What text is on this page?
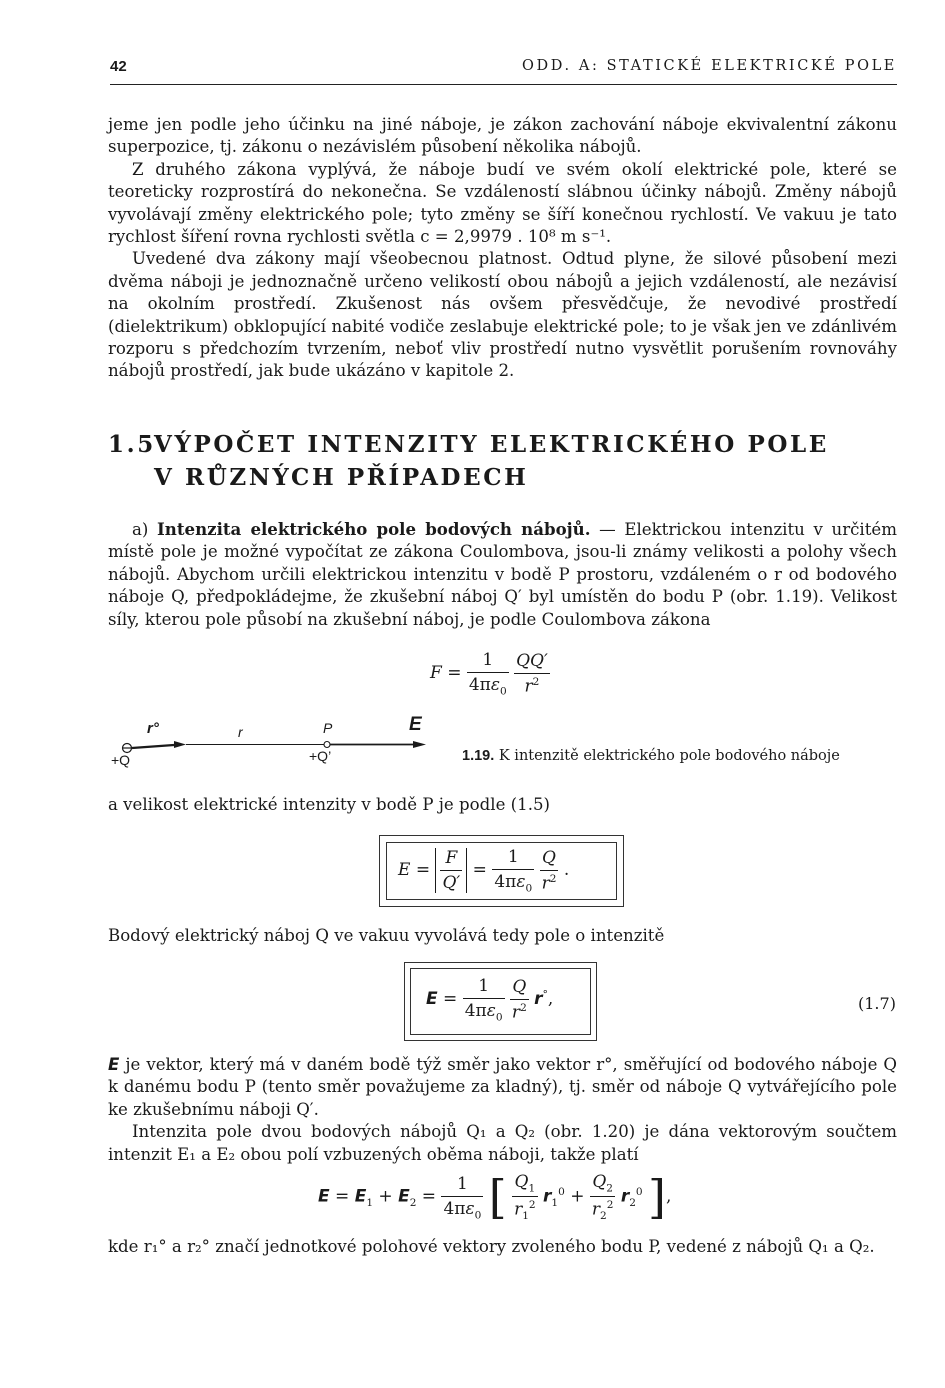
42	ODD. A: STATICKÉ ELEKTRICKÉ POLE

jeme jen podle jeho účinku na jiné náboje, je zákon zachování náboje ekvivalentní zákonu superpozice, tj. zákonu o nezávislém působení několika nábojů.

Z druhého zákona vyplývá, že náboje budí ve svém okolí elektrické pole, které se teoreticky rozprostírá do nekonečna. Se vzdáleností slábnou účinky nábojů. Změny nábojů vyvolávají změny elektrického pole; tyto změny se šíří konečnou rychlostí. Ve vakuu je tato rychlost šíření rovna rychlosti světla c = 2,9979 . 10⁸ m s⁻¹.

Uvedené dva zákony mají všeobecnou platnost. Odtud plyne, že silové působení mezi dvěma náboji je jednoznačně určeno velikostí obou nábojů a jejich vzdáleností, ale nezávisí na okolním prostředí. Zkušenost nás ovšem přesvědčuje, že nevodivé prostředí (dielektrikum) obklopující nabité vodiče zeslabuje elektrické pole; to je však jen ve zdánlivém rozporu s předchozím tvrzením, neboť vliv prostředí nutno vysvětlit porušením rovnováhy nábojů prostředí, jak bude ukázáno v kapitole 2.

1.5VÝPOČET INTENZITY ELEKTRICKÉHO POLE
V RŮZNÝCH PŘÍPADECH
a) Intenzita elektrického pole bodových nábojů. — Elektrickou intenzitu v určitém místě pole je možné vypočítat ze zákona Coulombova, jsou-li známy velikosti a polohy všech nábojů. Abychom určili elektrickou intenzitu v bodě P prostoru, vzdáleném o r od bodového náboje Q, předpokládejme, že zkušební náboj Q′ byl umístěn do bodu P (obr. 1.19). Velikost síly, kterou pole působí na zkušební náboj, je podle Coulombova zákona
$F = \frac{1}{4\pi\varepsilon_0}$
$\frac{QQ'}{r^2}$
r°	r	P	E
+Q	+Q’	1.19. K intenzitě elektrického pole bodového náboje
a velikost elektrické intenzity v bodě P je podle (1.5)
$E = \frac{F}{Q'} = \frac{1}{4\pi\varepsilon_0}$
$\frac{Q}{r^2}$ .
Bodový elektrický náboj Q ve vakuu vyvolává tedy pole o intenzitě
$E = \frac{1}{4\pi\varepsilon_0}$
$\frac{Q}{r^2} r^\circ$,	(1.7)

E je vektor, který má v daném bodě týž směr jako vektor r°, směřující od bodového náboje Q k danému bodu P (tento směr považujeme za kladný), tj. směr od náboje Q vytvářejícího pole ke zkušebnímu náboji Q′.

Intenzita pole dvou bodových nábojů Q₁ a Q₂ (obr. 1.20) je dána vektorovým součtem intenzit E₁ a E₂ obou polí vzbuzených oběma náboji, takže platí

$E = E_1 + E_2 = \frac{1}{4\pi\varepsilon_0}$ [ $\frac{Q_1}{r_1^2} r_1^0 + \frac{Q_2}{r_2^2} r_2^0$ ],
kde r₁° a r₂° značí jednotkové polohové vektory zvoleného bodu P, vedené z nábojů Q₁ a Q₂.
